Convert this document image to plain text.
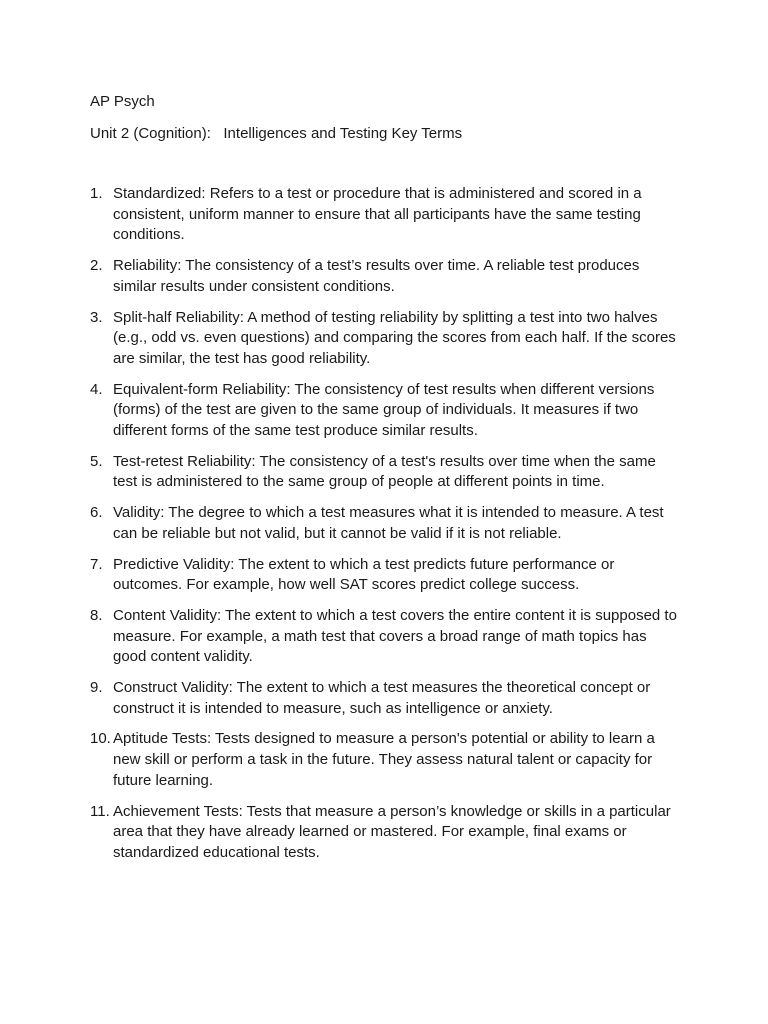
AP Psych
Unit 2 (Cognition):   Intelligences and Testing Key Terms
1. Standardized: Refers to a test or procedure that is administered and scored in a consistent, uniform manner to ensure that all participants have the same testing conditions.
2. Reliability: The consistency of a test’s results over time. A reliable test produces similar results under consistent conditions.
3. Split-half Reliability: A method of testing reliability by splitting a test into two halves (e.g., odd vs. even questions) and comparing the scores from each half. If the scores are similar, the test has good reliability.
4. Equivalent-form Reliability: The consistency of test results when different versions (forms) of the test are given to the same group of individuals. It measures if two different forms of the same test produce similar results.
5. Test-retest Reliability: The consistency of a test's results over time when the same test is administered to the same group of people at different points in time.
6. Validity: The degree to which a test measures what it is intended to measure. A test can be reliable but not valid, but it cannot be valid if it is not reliable.
7. Predictive Validity: The extent to which a test predicts future performance or outcomes. For example, how well SAT scores predict college success.
8. Content Validity: The extent to which a test covers the entire content it is supposed to measure. For example, a math test that covers a broad range of math topics has good content validity.
9. Construct Validity: The extent to which a test measures the theoretical concept or construct it is intended to measure, such as intelligence or anxiety.
10. Aptitude Tests: Tests designed to measure a person's potential or ability to learn a new skill or perform a task in the future. They assess natural talent or capacity for future learning.
11. Achievement Tests: Tests that measure a person’s knowledge or skills in a particular area that they have already learned or mastered. For example, final exams or standardized educational tests.
